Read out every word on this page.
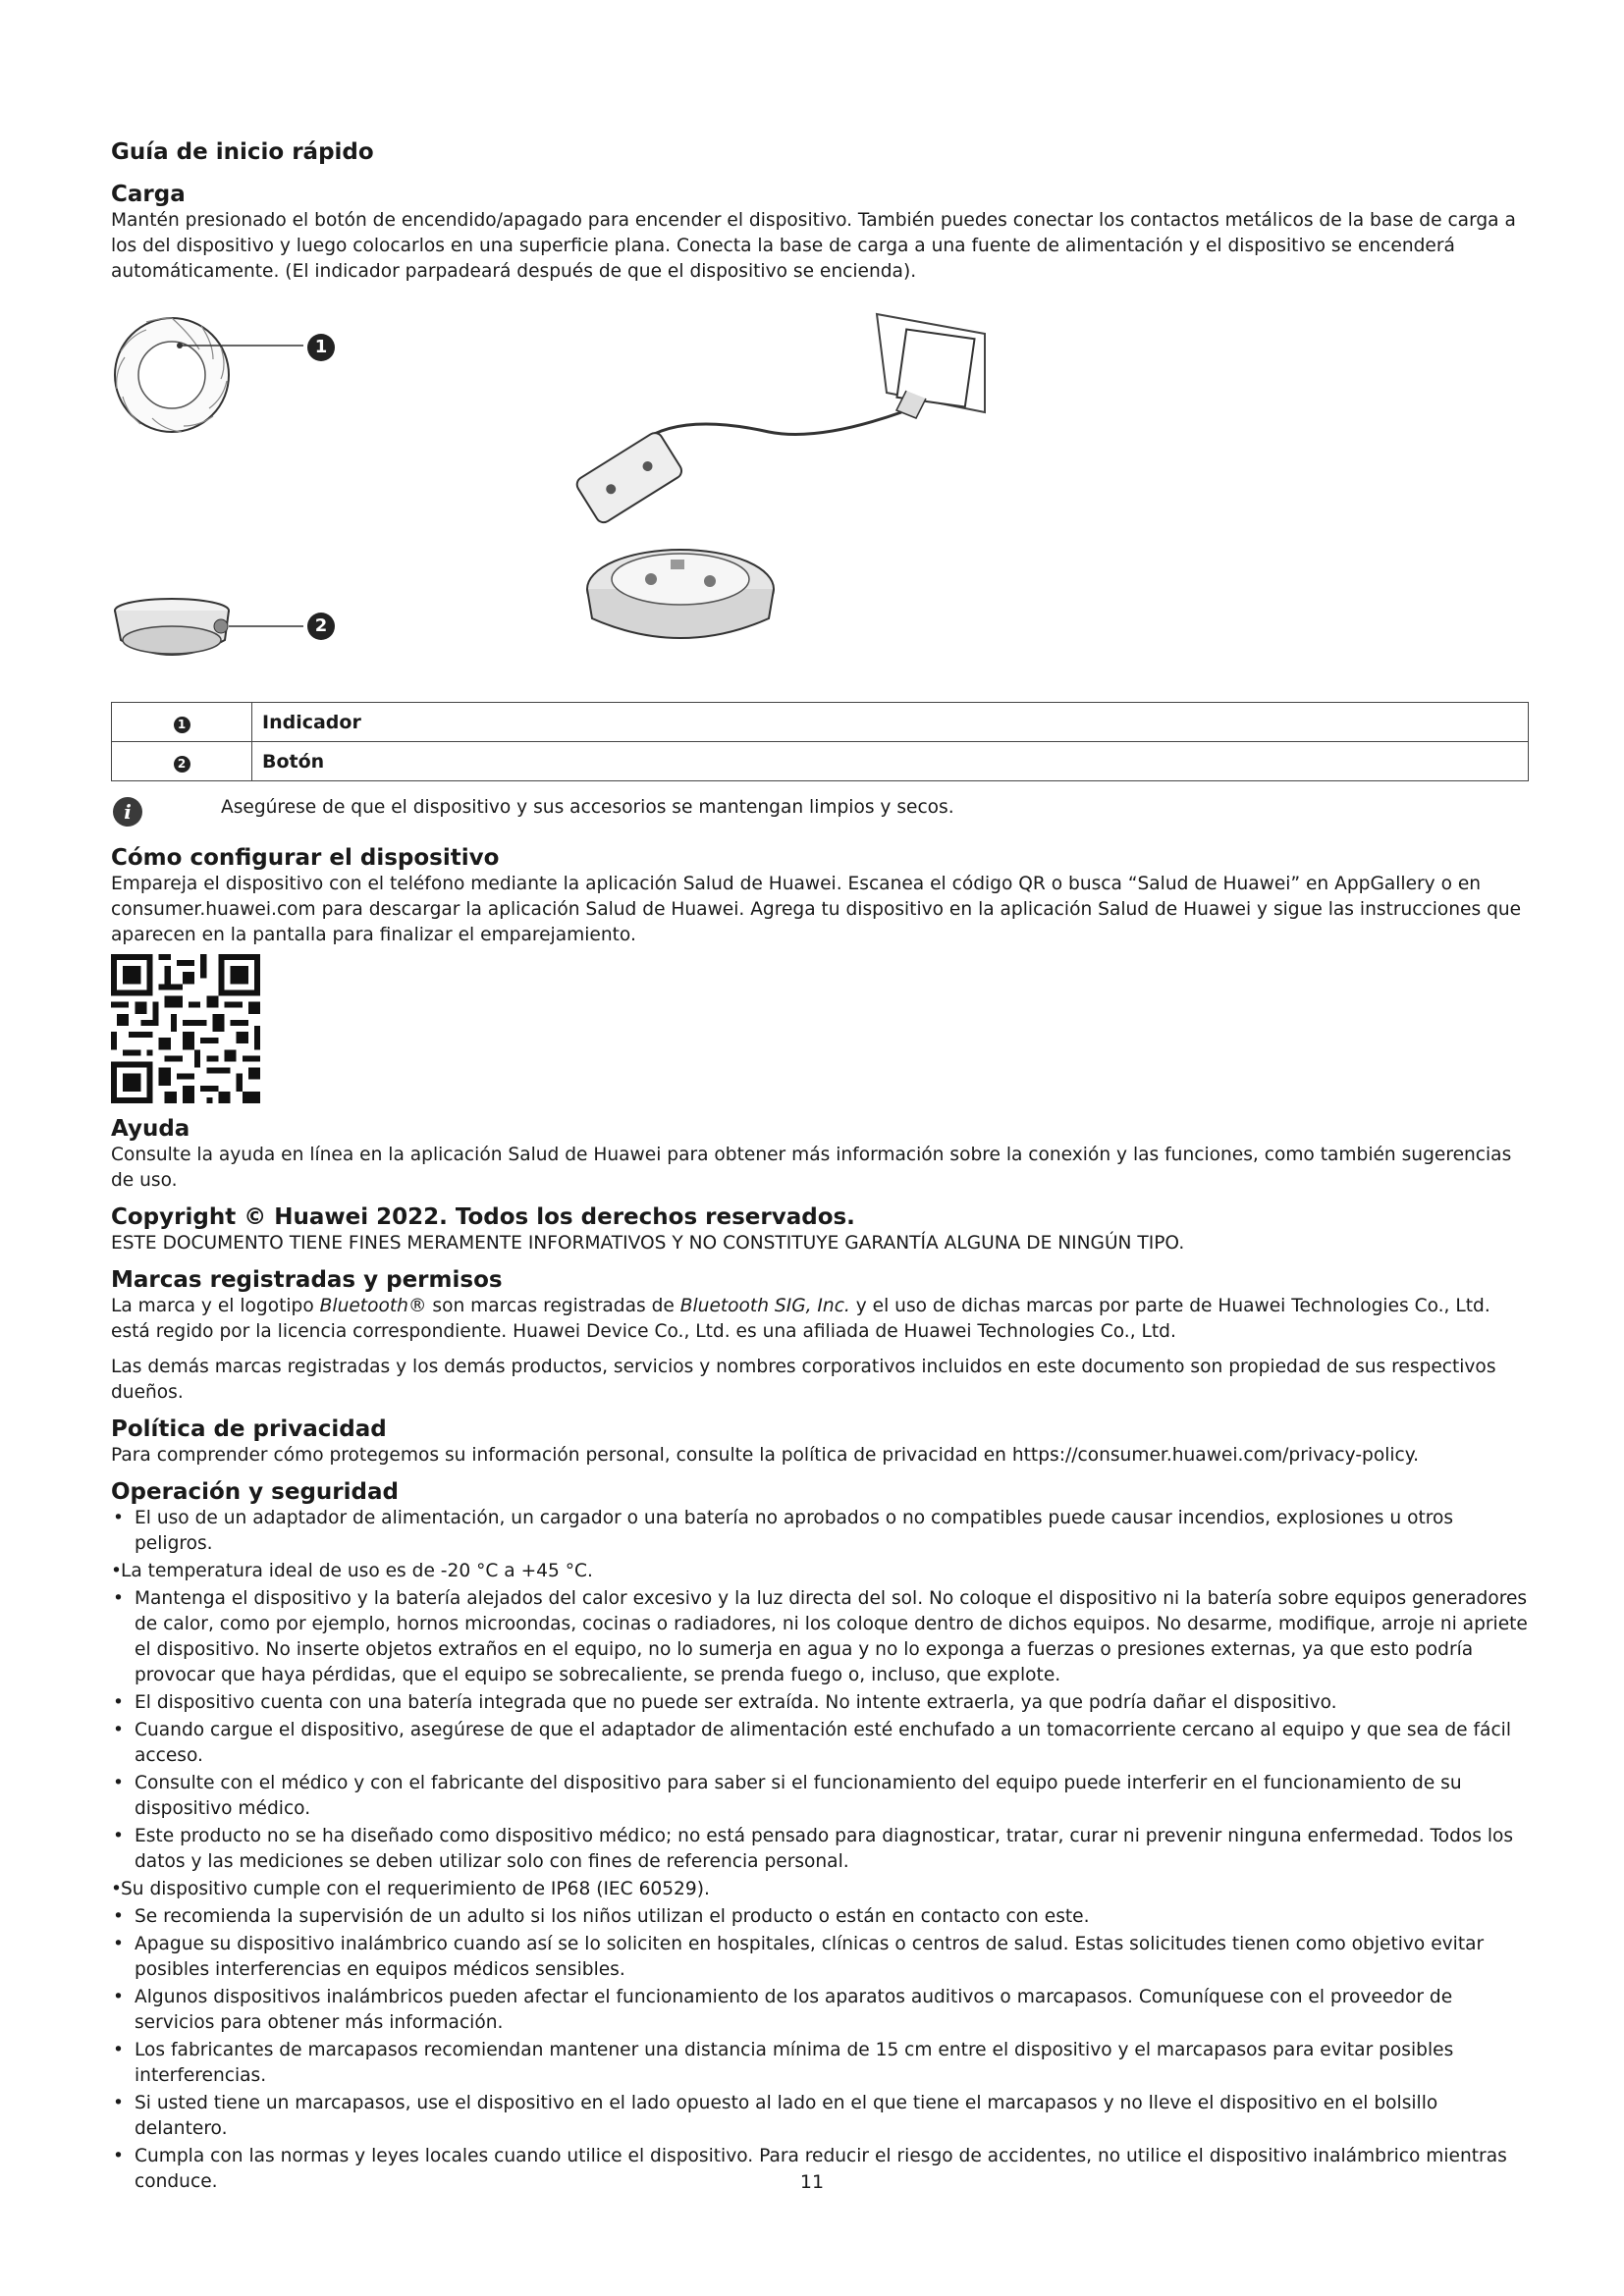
Guía de inicio rápido
Carga

Mantén presionado el botón de encendido/apagado para encender el dispositivo. También puedes conectar los contactos metálicos de la base de carga a los del dispositivo y luego colocarlos en una superficie plana. Conecta la base de carga a una fuente de alimentación y el dispositivo se encenderá automáticamente. (El indicador parpadeará después de que el dispositivo se encienda).

1
2
1	Indicador
2	Botón
i	Asegúrese de que el dispositivo y sus accesorios se mantengan limpios y secos.

Cómo configurar el dispositivo

Empareja el dispositivo con el teléfono mediante la aplicación Salud de Huawei. Escanea el código QR o busca “Salud de Huawei” en AppGallery o en consumer.huawei.com para descargar la aplicación Salud de Huawei. Agrega tu dispositivo en la aplicación Salud de Huawei y sigue las instrucciones que aparecen en la pantalla para finalizar el emparejamiento.

Ayuda

Consulte la ayuda en línea en la aplicación Salud de Huawei para obtener más información sobre la conexión y las funciones, como también sugerencias de uso.

Copyright © Huawei 2022. Todos los derechos reservados.

ESTE DOCUMENTO TIENE FINES MERAMENTE INFORMATIVOS Y NO CONSTITUYE GARANTÍA ALGUNA DE NINGÚN TIPO.

Marcas registradas y permisos

La marca y el logotipo Bluetooth® son marcas registradas de Bluetooth SIG, Inc. y el uso de dichas marcas por parte de Huawei Technologies Co., Ltd. está regido por la licencia correspondiente. Huawei Device Co., Ltd. es una afiliada de Huawei Technologies Co., Ltd.

Las demás marcas registradas y los demás productos, servicios y nombres corporativos incluidos en este documento son propiedad de sus respectivos dueños.

Política de privacidad

Para comprender cómo protegemos su información personal, consulte la política de privacidad en https://consumer.huawei.com/privacy-policy.

Operación y seguridad
• El uso de un adaptador de alimentación, un cargador o una batería no aprobados o no compatibles puede causar incendios, explosiones u otros peligros.
• La temperatura ideal de uso es de -20 °C a +45 °C.
• Mantenga el dispositivo y la batería alejados del calor excesivo y la luz directa del sol. No coloque el dispositivo ni la batería sobre equipos generadores de calor, como por ejemplo, hornos microondas, cocinas o radiadores, ni los coloque dentro de dichos equipos. No desarme, modifique, arroje ni apriete el dispositivo. No inserte objetos extraños en el equipo, no lo sumerja en agua y no lo exponga a fuerzas o presiones externas, ya que esto podría provocar que haya pérdidas, que el equipo se sobrecaliente, se prenda fuego o, incluso, que explote.
• El dispositivo cuenta con una batería integrada que no puede ser extraída. No intente extraerla, ya que podría dañar el dispositivo.
• Cuando cargue el dispositivo, asegúrese de que el adaptador de alimentación esté enchufado a un tomacorriente cercano al equipo y que sea de fácil acceso.
• Consulte con el médico y con el fabricante del dispositivo para saber si el funcionamiento del equipo puede interferir en el funcionamiento de su dispositivo médico.
• Este producto no se ha diseñado como dispositivo médico; no está pensado para diagnosticar, tratar, curar ni prevenir ninguna enfermedad. Todos los datos y las mediciones se deben utilizar solo con fines de referencia personal.
• Su dispositivo cumple con el requerimiento de IP68 (IEC 60529).
• Se recomienda la supervisión de un adulto si los niños utilizan el producto o están en contacto con este.
• Apague su dispositivo inalámbrico cuando así se lo soliciten en hospitales, clínicas o centros de salud. Estas solicitudes tienen como objetivo evitar posibles interferencias en equipos médicos sensibles.
• Algunos dispositivos inalámbricos pueden afectar el funcionamiento de los aparatos auditivos o marcapasos. Comuníquese con el proveedor de servicios para obtener más información.
• Los fabricantes de marcapasos recomiendan mantener una distancia mínima de 15 cm entre el dispositivo y el marcapasos para evitar posibles interferencias.
• Si usted tiene un marcapasos, use el dispositivo en el lado opuesto al lado en el que tiene el marcapasos y no lleve el dispositivo en el bolsillo delantero.
• Cumpla con las normas y leyes locales cuando utilice el dispositivo. Para reducir el riesgo de accidentes, no utilice el dispositivo inalámbrico mientras conduce.	11
